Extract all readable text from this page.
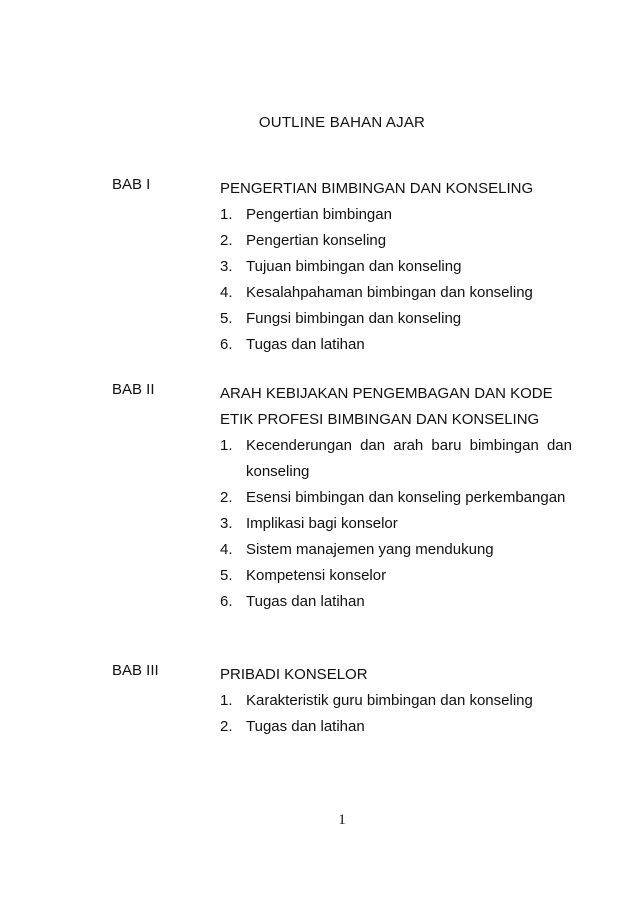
OUTLINE BAHAN AJAR
BAB I	PENGERTIAN BIMBINGAN DAN KONSELING
1. Pengertian bimbingan
2. Pengertian konseling
3. Tujuan bimbingan dan konseling
4. Kesalahpahaman bimbingan dan konseling
5. Fungsi bimbingan dan konseling
6. Tugas dan latihan
BAB II	ARAH KEBIJAKAN PENGEMBAGAN DAN KODE ETIK PROFESI BIMBINGAN DAN KONSELING
1. Kecenderungan dan arah baru bimbingan dan konseling
2. Esensi bimbingan dan konseling perkembangan
3. Implikasi bagi konselor
4. Sistem manajemen yang mendukung
5. Kompetensi konselor
6. Tugas dan latihan
BAB III	PRIBADI KONSELOR
1. Karakteristik guru bimbingan dan konseling
2. Tugas dan latihan
1
